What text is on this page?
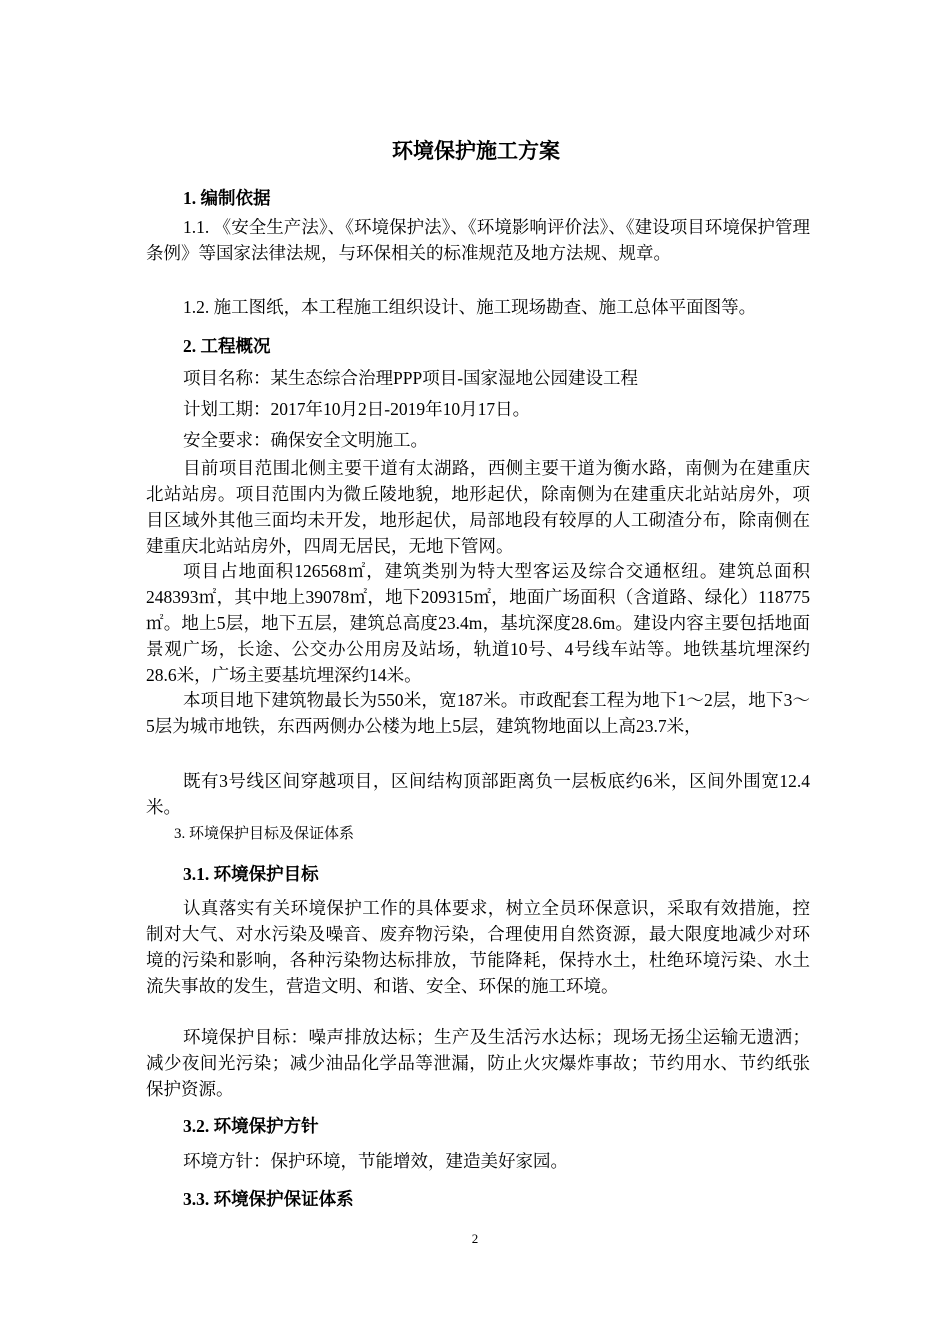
环境保护施工方案
1. 编制依据
1.1. 《安全生产法》、《环境保护法》、《环境影响评价法》、《建设项目环境保护管理条例》等国家法律法规，与环保相关的标准规范及地方法规、规章。
1.2. 施工图纸，本工程施工组织设计、施工现场勘查、施工总体平面图等。
2. 工程概况
项目名称：某生态综合治理PPP项目-国家湿地公园建设工程
计划工期：2017年10月2日-2019年10月17日。
安全要求：确保安全文明施工。
目前项目范围北侧主要干道有太湖路，西侧主要干道为衡水路，南侧为在建重庆北站站房。项目范围内为微丘陵地貌，地形起伏，除南侧为在建重庆北站站房外，项目区域外其他三面均未开发，地形起伏，局部地段有较厚的人工砌渣分布，除南侧在建重庆北站站房外，四周无居民，无地下管网。
项目占地面积126568㎡，建筑类别为特大型客运及综合交通枢纽。建筑总面积248393㎡，其中地上39078㎡，地下209315㎡，地面广场面积（含道路、绿化）118775㎡。地上5层，地下五层，建筑总高度23.4m，基坑深度28.6m。建设内容主要包括地面景观广场，长途、公交办公用房及站场，轨道10号、4号线车站等。地铁基坑埋深约28.6米，广场主要基坑埋深约14米。
本项目地下建筑物最长为550米，宽187米。市政配套工程为地下1～2层，地下3～5层为城市地铁，东西两侧办公楼为地上5层，建筑物地面以上高23.7米，
既有3号线区间穿越项目，区间结构顶部距离负一层板底约6米，区间外围宽12.4米。
3. 环境保护目标及保证体系
3.1. 环境保护目标
认真落实有关环境保护工作的具体要求，树立全员环保意识，采取有效措施，控制对大气、对水污染及噪音、废弃物污染，合理使用自然资源，最大限度地减少对环境的污染和影响，各种污染物达标排放，节能降耗，保持水土，杜绝环境污染、水土流失事故的发生，营造文明、和谐、安全、环保的施工环境。
环境保护目标：噪声排放达标；生产及生活污水达标；现场无扬尘运输无遗洒；减少夜间光污染；减少油品化学品等泄漏，防止火灾爆炸事故；节约用水、节约纸张保护资源。
3.2. 环境保护方针
环境方针：保护环境，节能增效，建造美好家园。
3.3. 环境保护保证体系
2
